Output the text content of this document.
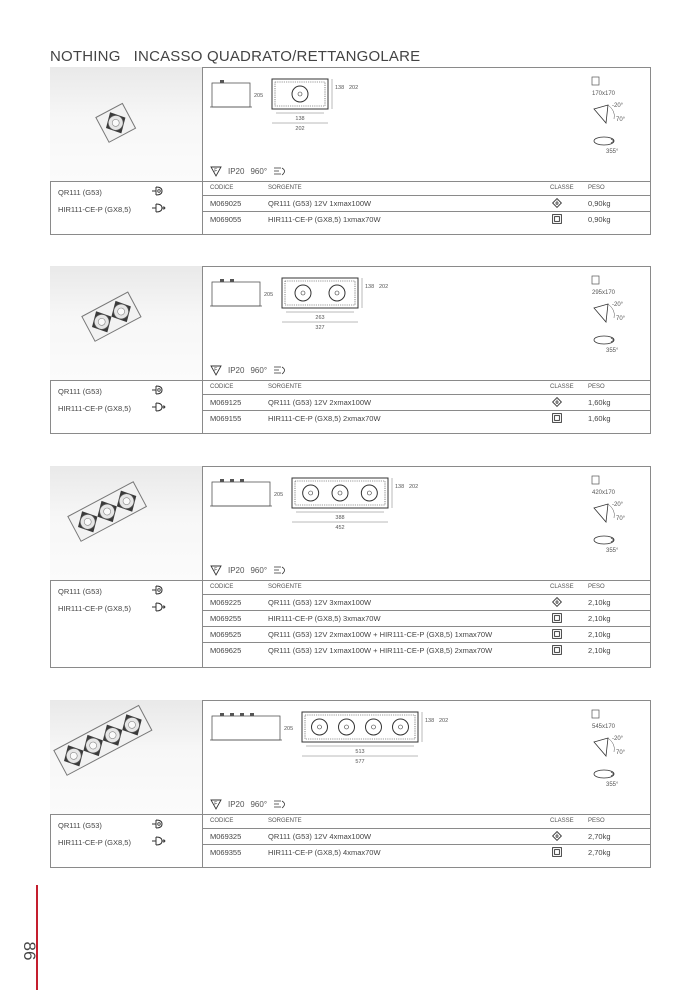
NOTHING   INCASSO QUADRATO/RETTANGOLARE
205
138 202
138
202
170x170
-20°
70°
355°
F IP20 960°
QR111 (G53)
HIR111-CE-P (GX8,5)
CODICE	SORGENTE	CLASSE PESO
M069025	QR111 (G53) 12V 1xmax100W	0,90kg
M069055	HIR111-CE-P (GX8,5) 1xmax70W	0,90kg
205
138 202
263
327
295x170
-20°
70°
355°
F IP20 960°
QR111 (G53)
HIR111-CE-P (GX8,5)
CODICE	SORGENTE	CLASSE PESO
M069125	QR111 (G53) 12V 2xmax100W	1,60kg
M069155	HIR111-CE-P (GX8,5) 2xmax70W	1,60kg
205
138 202
388
452
420x170
-20°
70°
355°
F IP20 960°
QR111 (G53)
HIR111-CE-P (GX8,5)
CODICE	SORGENTE	CLASSE PESO
M069225	QR111 (G53) 12V 3xmax100W	2,10kg
M069255	HIR111-CE-P (GX8,5) 3xmax70W	2,10kg
M069525	QR111 (G53) 12V 2xmax100W + HIR111-CE-P (GX8,5) 1xmax70W	2,10kg
M069625	QR111 (G53) 12V 1xmax100W + HIR111-CE-P (GX8,5) 2xmax70W	2,10kg
205
138 202
513
577
545x170
-20°
70°
355°
F IP20 960°
QR111 (G53)
HIR111-CE-P (GX8,5)
CODICE	SORGENTE	CLASSE PESO
M069325	QR111 (G53) 12V 4xmax100W	2,70kg
M069355	HIR111-CE-P (GX8,5) 4xmax70W	2,70kg
86
